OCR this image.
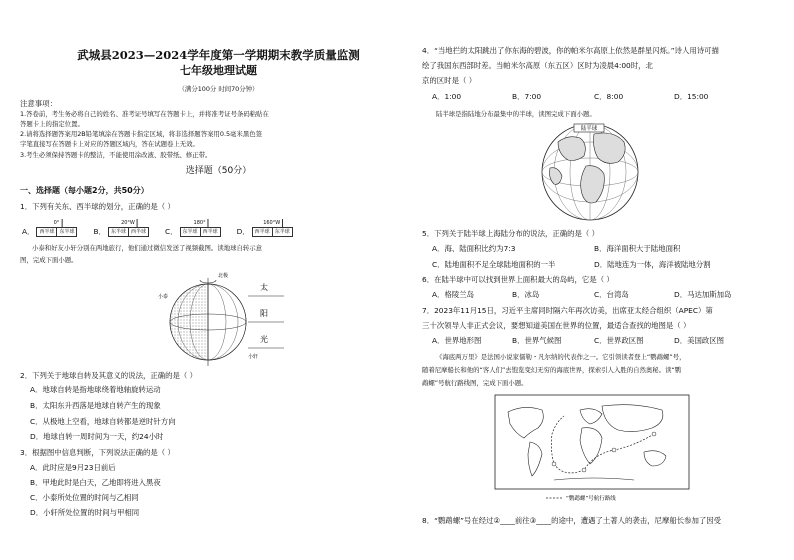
武城县2023—2024学年度第一学期期末教学质量监测
七年级地理试题
（满分100分 时间70分钟）
注意事项：
1.答卷前，考生务必将自己的姓名、准考证号填写在答题卡上，并将准考证号条码粘贴在
答题卡上的指定位置。
2.请将选择题答案用2B铅笔填涂在答题卡指定区域，将非选择题答案用0.5毫米黑色签
字笔直接写在答题卡上对应的答题区域内，答在试题卷上无效。
3.考生必须保持答题卡的整洁，不能使用涂改液、胶带纸、修正带。
选择题（50分）
一、选择题（每小题2分，共50分）
1．下列有关东、西半球的划分，正确的是（ ）
A．
0°
西半球	东半球	B．
20°W
东半球	西半球	C．
180°
东半球	西半球	D．
160°W
西半球	东半球
小泰和好友小轩分别在两地旅行，他们通过微信发送了视频截图。读地球自转示意
图，完成下面小题。
北极
太
阳
光
小泰
小轩
2．下列关于地球自转及其意义的说法，正确的是（ ）
A．地球自转是指地球绕着地轴旋转运动
B．太阳东升西落是地球自转产生的现象
C．从极地上空看，地球自转都是逆时针方向
D．地球自转一周时间为一天，约24小时
3．根据图中信息判断，下列说法正确的是（ ）
A．此时应是9月23日前后
B．甲地此时是白天，乙地即将进入黑夜
C．小泰所处位置的时间与乙相同
D．小轩所处位置的时间与甲相同
4．“当地拦的太阳跳出了你东海的碧波，你的帕米尔高原上依然是群星闪烁。”诗人用诗可描
绘了我国东西部时差。当帕米尔高原（东五区）区时为凌晨4:00时，北
京的区时是（ ）
A．1:00	B．7:00	C．8:00	D．15:00
陆半球是指陆地分布最集中的半球，读图完成下面小题。
陆半球
5．下列关于陆半球上海陆分布的说法，正确的是（ ）
A．海、陆面积比约为7:3	B．海洋面积大于陆地面积
C．陆地面积不足全球陆地面积的一半	D．陆地连为一体，海洋被陆地分割
6．在陆半球中可以找到世界上面积最大的岛屿，它是（ ）
A．格陵兰岛	B．冰岛	C．台湾岛	D．马达加斯加岛
7．2023年11月15日，习近平主席同时隔六年再次访美，出席亚太经合组织（APEC）第
三十次领导人非正式会议，要想知道美国在世界的位置，最适合查找的地图是（ ）
A．世界地形图	B．世界气候图	C．世界政区图	D．美国政区图
《海底两万里》是法国小说家儒勒・凡尔纳的代表作之一。它引领读者登上“鹦鹉螺”号，
随着尼摩船长和他的“客人们”去饱览变幻无穷的海底世界，探索引人入胜的自然奥秘。读“鹦
鹉螺”号航行路线图，完成下面小题。
“鹦鹉螺”号航行路线
8．“鹦鹉螺”号在经过②____前往③____的途中，遭遇了土著人的袭击，尼摩船长参加了因受
